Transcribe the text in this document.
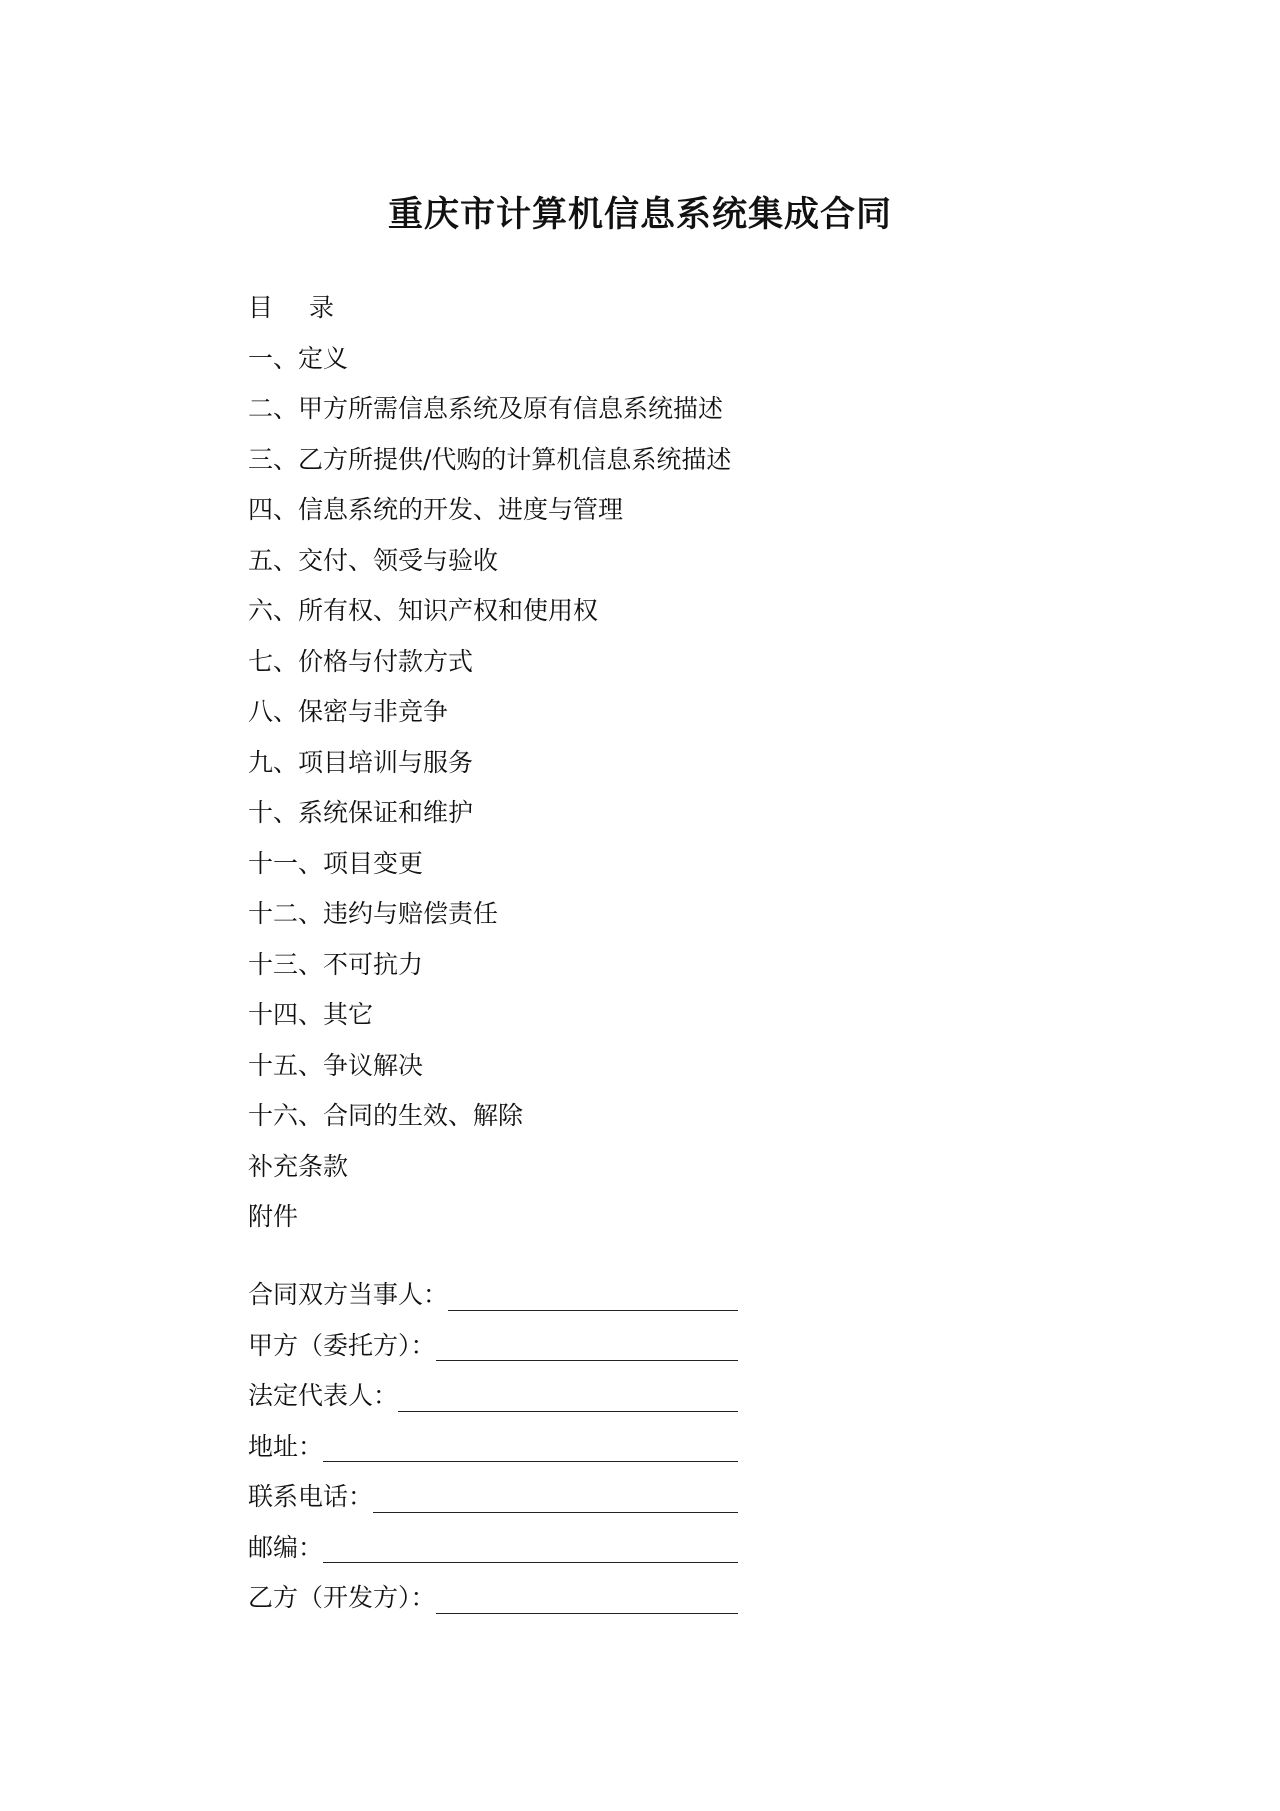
重庆市计算机信息系统集成合同
目 录
一、定义
二、甲方所需信息系统及原有信息系统描述
三、乙方所提供/代购的计算机信息系统描述
四、信息系统的开发、进度与管理
五、交付、领受与验收
六、所有权、知识产权和使用权
七、价格与付款方式
八、保密与非竞争
九、项目培训与服务
十、系统保证和维护
十一、项目变更
十二、违约与赔偿责任
十三、不可抗力
十四、其它
十五、争议解决
十六、合同的生效、解除
补充条款
附件
合同双方当事人：
甲方（委托方）：
法定代表人：
地址：
联系电话：
邮编：
乙方（开发方）：
